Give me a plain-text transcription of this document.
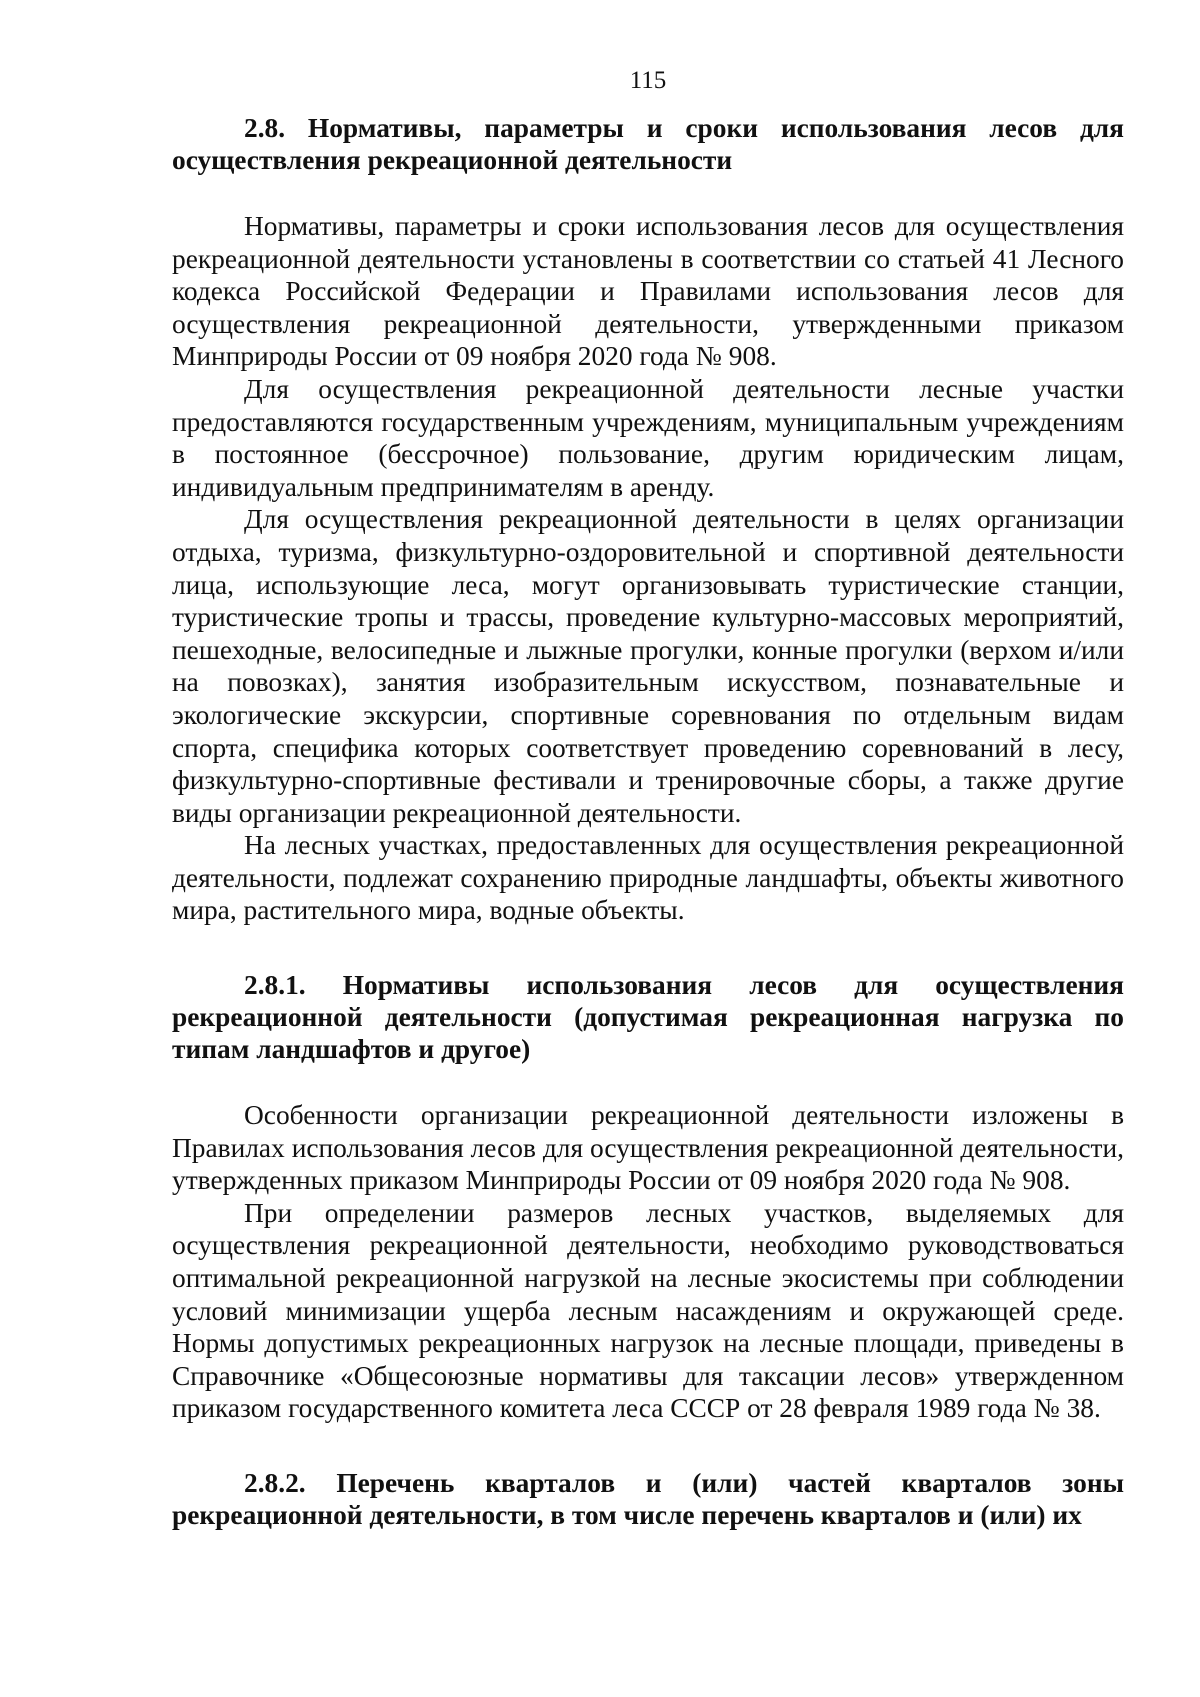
115

2.8. Нормативы, параметры и сроки использования лесов для осуществления рекреационной деятельности

Нормативы, параметры и сроки использования лесов для осуществления рекреационной деятельности установлены в соответствии со статьей 41 Лесного кодекса Российской Федерации и Правилами использования лесов для осуществления рекреационной деятельности, утвержденными приказом Минприроды России от 09 ноября 2020 года № 908.

Для осуществления рекреационной деятельности лесные участки предоставляются государственным учреждениям, муниципальным учреждениям в постоянное (бессрочное) пользование, другим юридическим лицам, индивидуальным предпринимателям в аренду.

Для осуществления рекреационной деятельности в целях организации отдыха, туризма, физкультурно-оздоровительной и спортивной деятельности лица, использующие леса, могут организовывать туристические станции, туристические тропы и трассы, проведение культурно-массовых мероприятий, пешеходные, велосипедные и лыжные прогулки, конные прогулки (верхом и/или на повозках), занятия изобразительным искусством, познавательные и экологические экскурсии, спортивные соревнования по отдельным видам спорта, специфика которых соответствует проведению соревнований в лесу, физкультурно-спортивные фестивали и тренировочные сборы, а также другие виды организации рекреационной деятельности.

На лесных участках, предоставленных для осуществления рекреационной деятельности, подлежат сохранению природные ландшафты, объекты животного мира, растительного мира, водные объекты.

2.8.1. Нормативы использования лесов для осуществления рекреационной деятельности (допустимая рекреационная нагрузка по типам ландшафтов и другое)

Особенности организации рекреационной деятельности изложены в Правилах использования лесов для осуществления рекреационной деятельности, утвержденных приказом Минприроды России от 09 ноября 2020 года № 908.

При определении размеров лесных участков, выделяемых для осуществления рекреационной деятельности, необходимо руководствоваться оптимальной рекреационной нагрузкой на лесные экосистемы при соблюдении условий минимизации ущерба лесным насаждениям и окружающей среде. Нормы допустимых рекреационных нагрузок на лесные площади, приведены в Справочнике «Общесоюзные нормативы для таксации лесов» утвержденном приказом государственного комитета леса СССР от 28 февраля 1989 года № 38.

2.8.2. Перечень кварталов и (или) частей кварталов зоны рекреационной деятельности, в том числе перечень кварталов и (или) их
